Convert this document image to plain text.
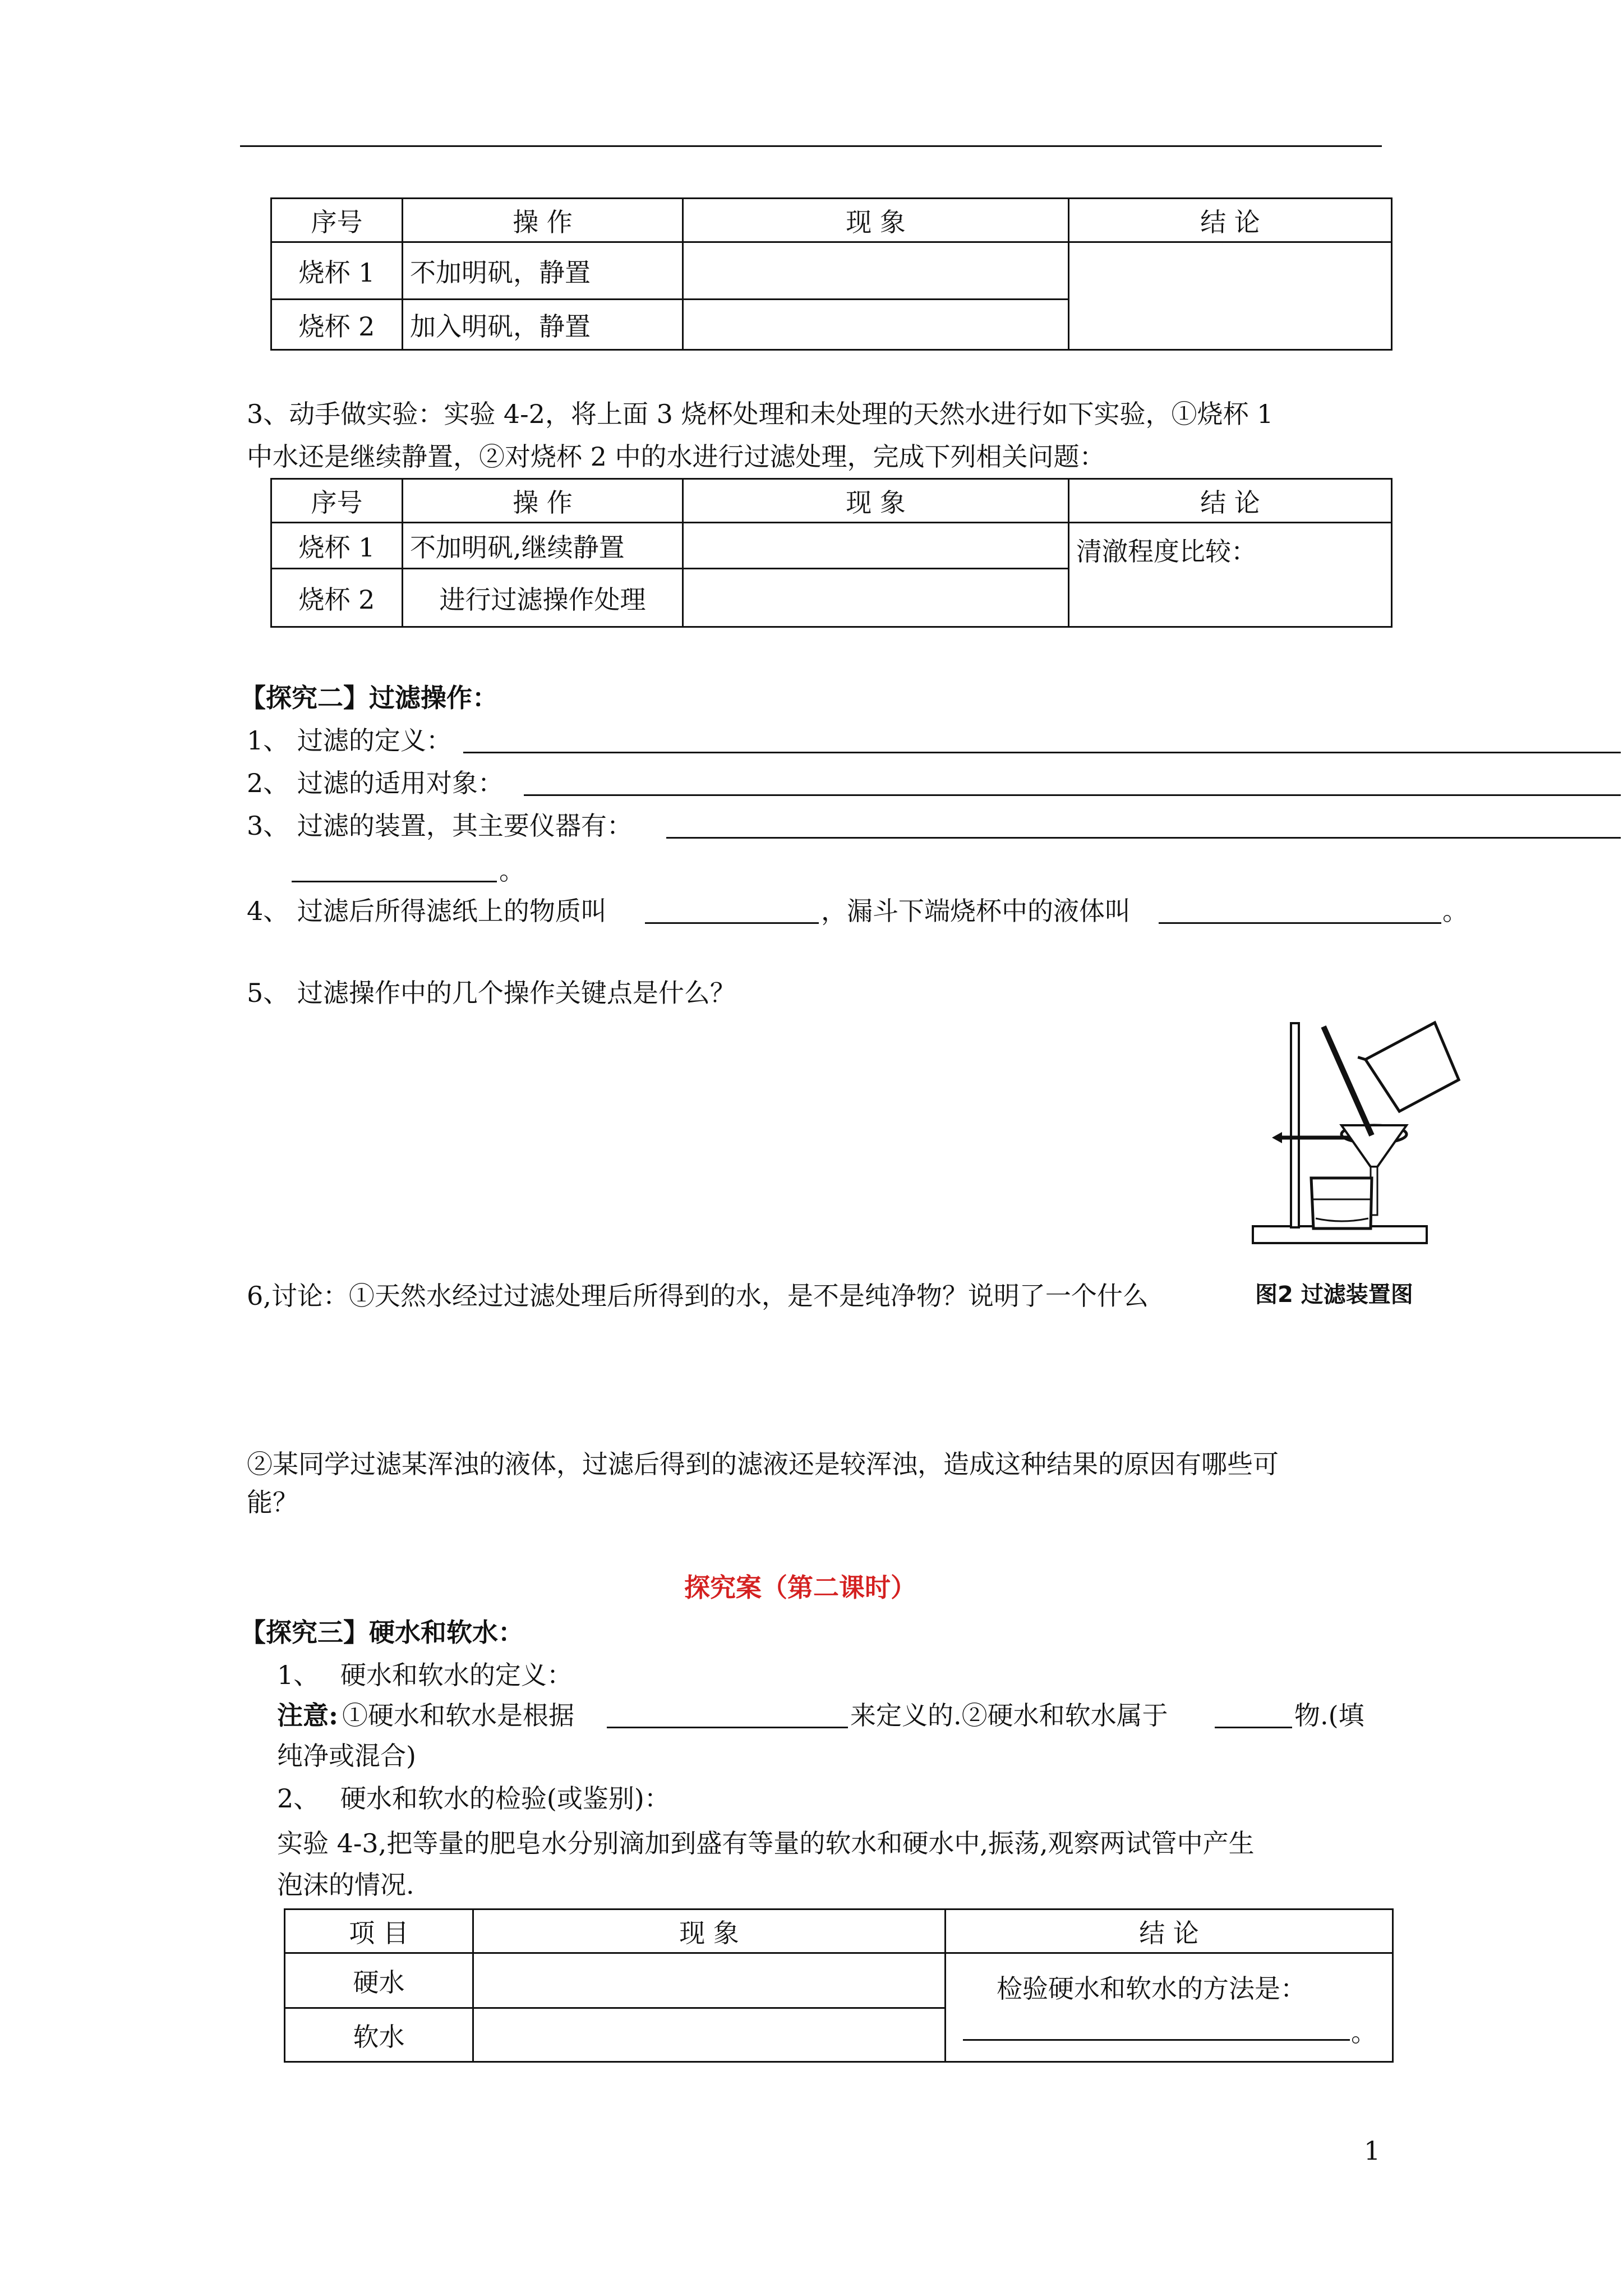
序号	操 作	现 象	结 论
烧杯 1	不加明矾，静置		
烧杯 2	加入明矾，静置		
3、动手做实验：实验 4-2，将上面 3 烧杯处理和未处理的天然水进行如下实验，①烧杯 1
中水还是继续静置，②对烧杯 2 中的水进行过滤处理，完成下列相关问题：
序号	操 作	现 象	结 论
烧杯 1	不加明矾,继续静置		清澈程度比较：
烧杯 2	进行过滤操作处理		
【探究二】过滤操作：
1、 过滤的定义：
2、 过滤的适用对象：
3、 过滤的装置，其主要仪器有：
。
4、 过滤后所得滤纸上的物质叫	，漏斗下端烧杯中的液体叫	。
5、 过滤操作中的几个操作关键点是什么？
图2 过滤装置图
6,讨论：①天然水经过过滤处理后所得到的水，是不是纯净物？说明了一个什么
②某同学过滤某浑浊的液体，过滤后得到的滤液还是较浑浊，造成这种结果的原因有哪些可
能？
探究案（第二课时）
【探究三】硬水和软水：
1、　 硬水和软水的定义：
注意: ①硬水和软水是根据	来定义的.②硬水和软水属于	物.(填
纯净或混合)
2、　 硬水和软水的检验(或鉴别)：
实验 4-3,把等量的肥皂水分别滴加到盛有等量的软水和硬水中,振荡,观察两试管中产生
泡沫的情况.
项 目	现 象	结 论
硬水		检验硬水和软水的方法是：
。

软水		
1
